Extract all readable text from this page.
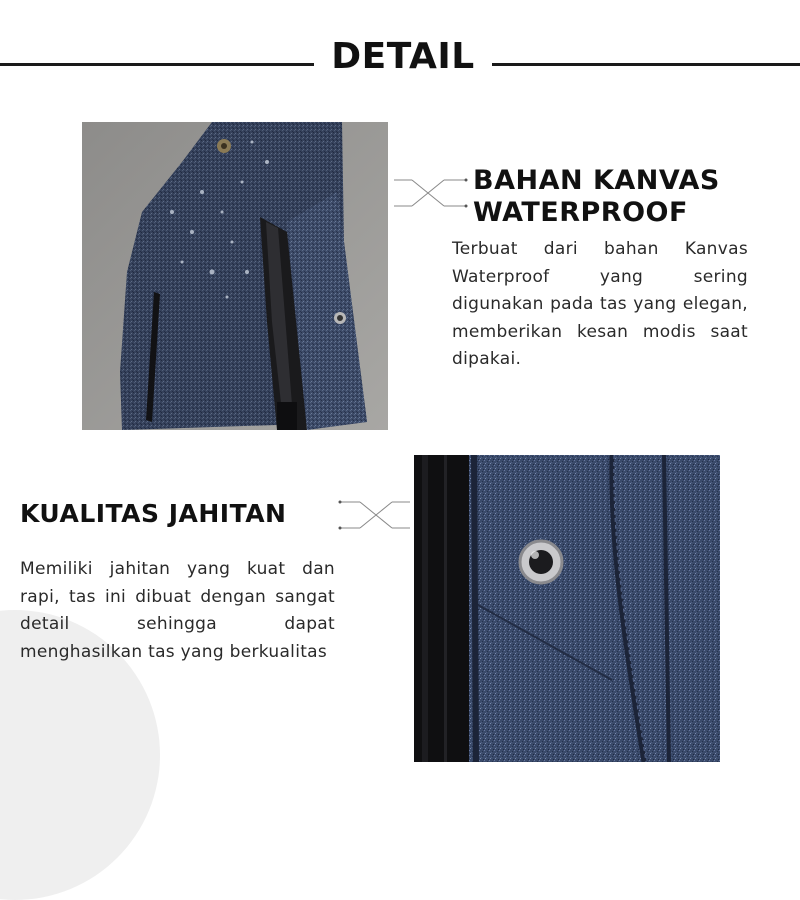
DETAIL
BAHAN KANVAS
WATERPROOF
Terbuat dari bahan Kanvas Waterproof yang sering digunakan pada tas yang elegan, memberikan kesan modis saat dipakai.
KUALITAS JAHITAN
Memiliki jahitan yang kuat dan rapi, tas ini dibuat dengan sangat detail sehingga dapat menghasilkan tas yang berkualitas
